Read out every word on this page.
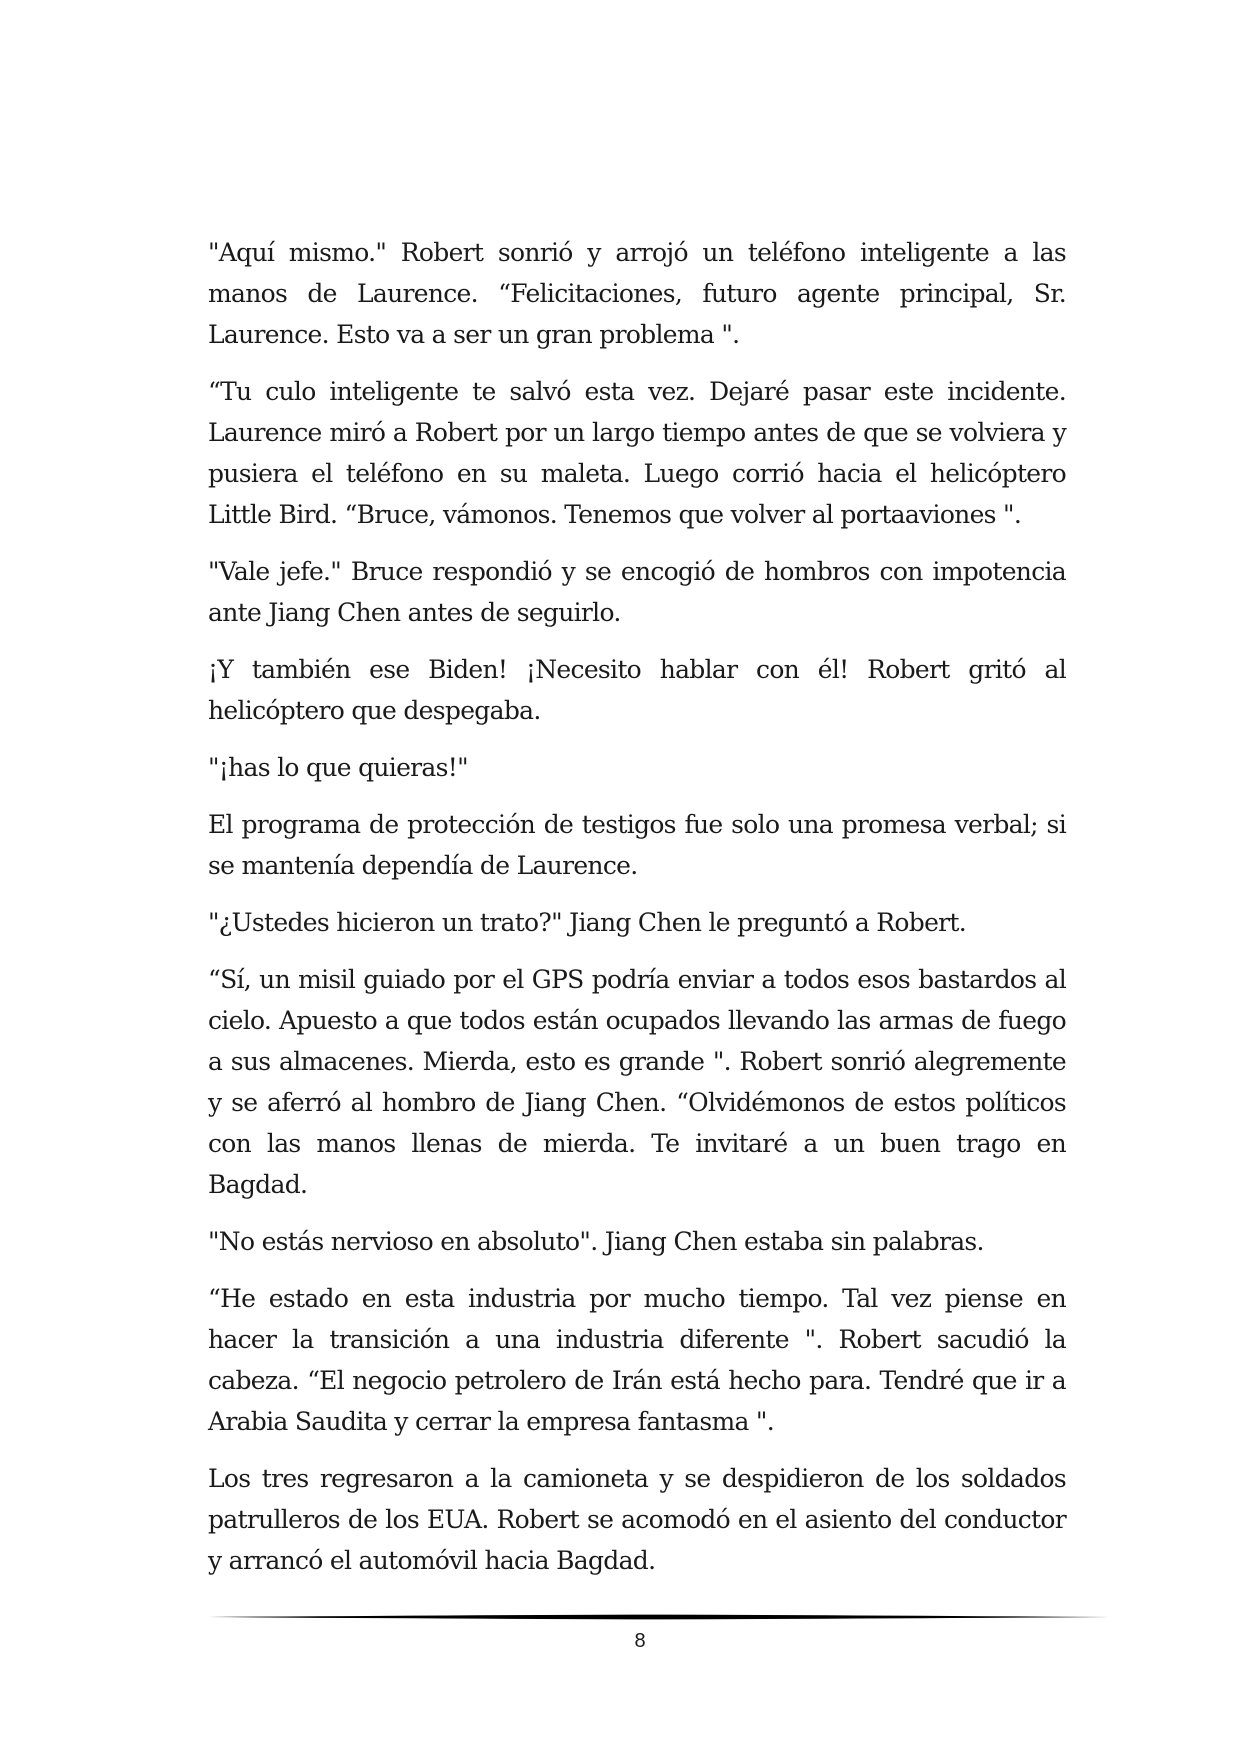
"Aquí mismo." Robert sonrió y arrojó un teléfono inteligente a las manos de Laurence. “Felicitaciones, futuro agente principal, Sr. Laurence. Esto va a ser un gran problema ".

“Tu culo inteligente te salvó esta vez. Dejaré pasar este incidente. Laurence miró a Robert por un largo tiempo antes de que se volviera y pusiera el teléfono en su maleta. Luego corrió hacia el helicóptero Little Bird. “Bruce, vámonos. Tenemos que volver al portaaviones ".

"Vale jefe." Bruce respondió y se encogió de hombros con impotencia ante Jiang Chen antes de seguirlo.

¡Y también ese Biden! ¡Necesito hablar con él! Robert gritó al helicóptero que despegaba.

"¡has lo que quieras!"

El programa de protección de testigos fue solo una promesa verbal; si se mantenía dependía de Laurence.

"¿Ustedes hicieron un trato?" Jiang Chen le preguntó a Robert.

“Sí, un misil guiado por el GPS podría enviar a todos esos bastardos al cielo. Apuesto a que todos están ocupados llevando las armas de fuego a sus almacenes. Mierda, esto es grande ". Robert sonrió alegremente y se aferró al hombro de Jiang Chen. “Olvidémonos de estos políticos con las manos llenas de mierda. Te invitaré a un buen trago en Bagdad.

"No estás nervioso en absoluto". Jiang Chen estaba sin palabras.

“He estado en esta industria por mucho tiempo. Tal vez piense en hacer la transición a una industria diferente ". Robert sacudió la cabeza. “El negocio petrolero de Irán está hecho para. Tendré que ir a Arabia Saudita y cerrar la empresa fantasma ".

Los tres regresaron a la camioneta y se despidieron de los soldados patrulleros de los EUA. Robert se acomodó en el asiento del conductor y arrancó el automóvil hacia Bagdad.

8
